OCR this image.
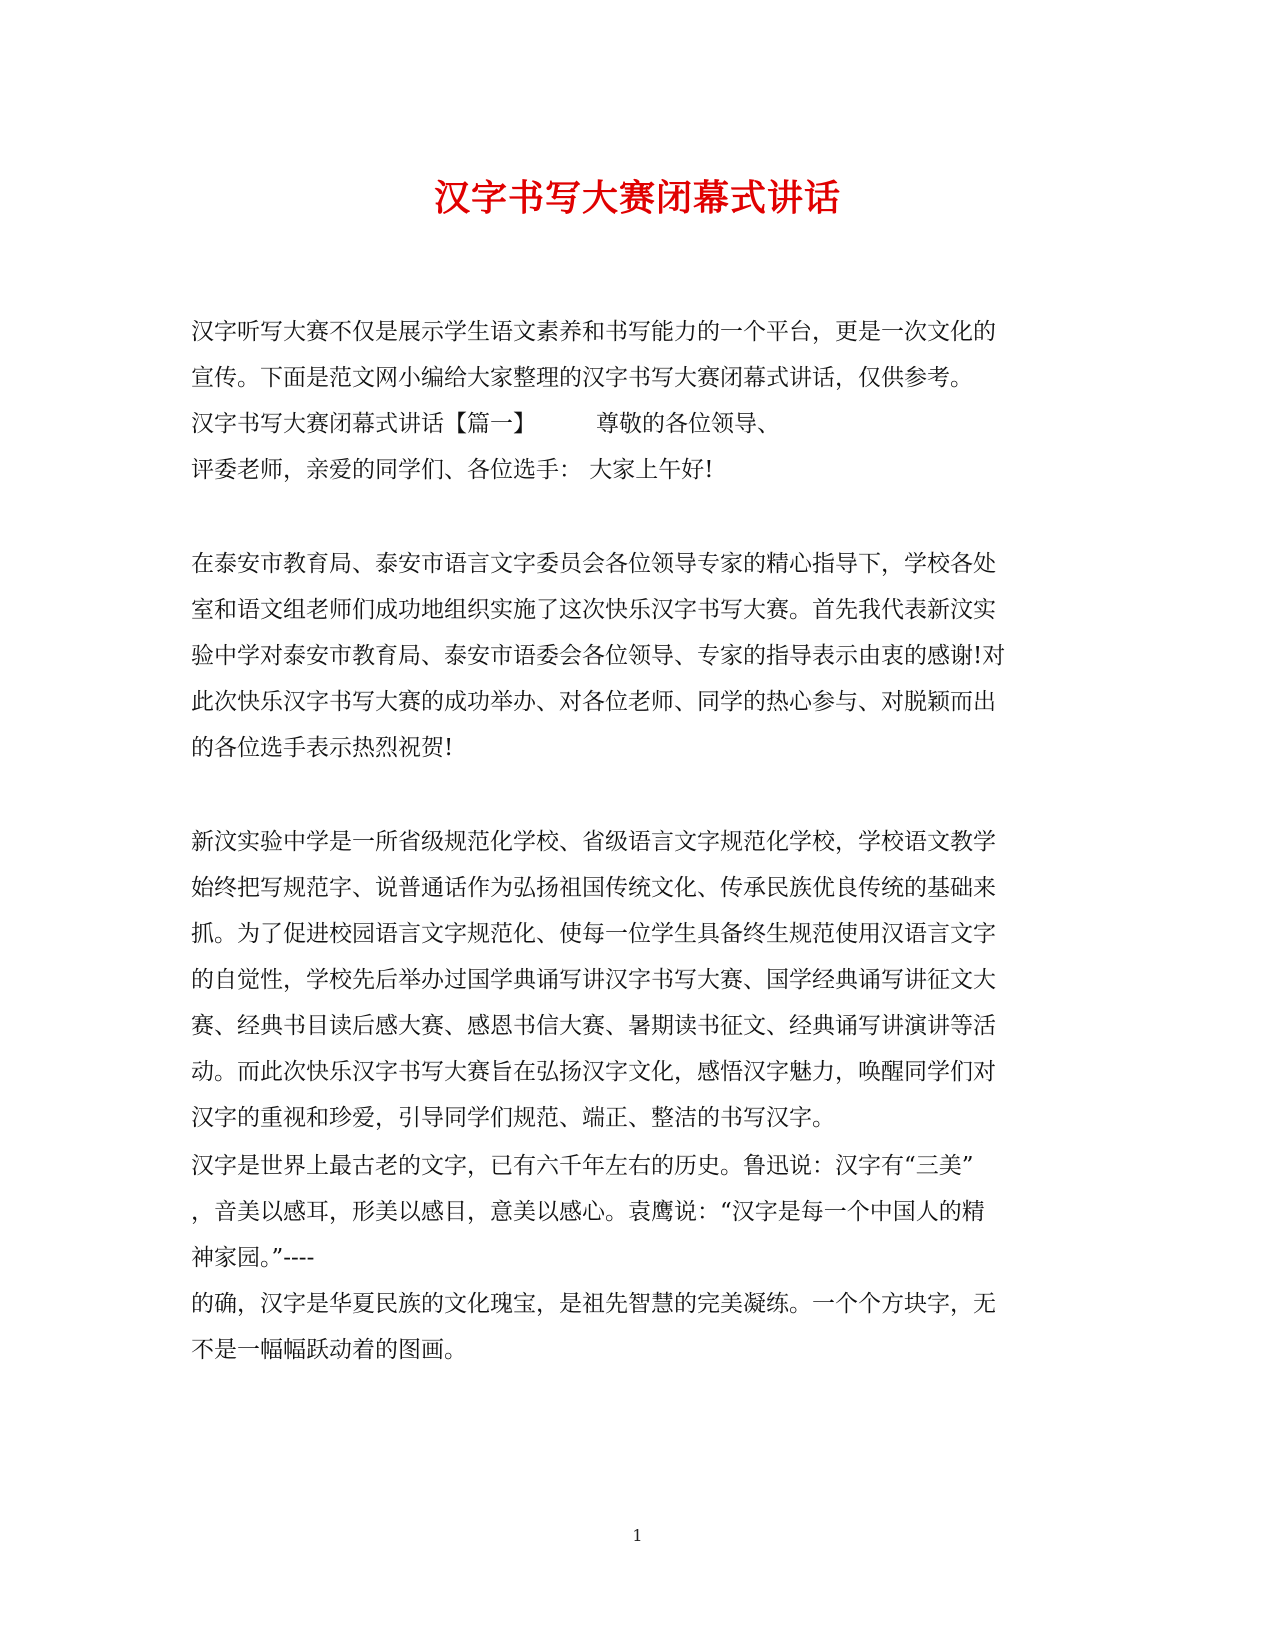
汉字书写大赛闭幕式讲话
汉字听写大赛不仅是展示学生语文素养和书写能力的一个平台，更是一次文化的
宣传。下面是范文网小编给大家整理的汉字书写大赛闭幕式讲话，仅供参考。
汉字书写大赛闭幕式讲话【篇一】	尊敬的各位领导、
评委老师，亲爱的同学们、各位选手： 大家上午好!
在泰安市教育局、泰安市语言文字委员会各位领导专家的精心指导下，学校各处
室和语文组老师们成功地组织实施了这次快乐汉字书写大赛。首先我代表新汶实
验中学对泰安市教育局、泰安市语委会各位领导、专家的指导表示由衷的感谢!对
此次快乐汉字书写大赛的成功举办、对各位老师、同学的热心参与、对脱颖而出
的各位选手表示热烈祝贺!
新汶实验中学是一所省级规范化学校、省级语言文字规范化学校，学校语文教学
始终把写规范字、说普通话作为弘扬祖国传统文化、传承民族优良传统的基础来
抓。为了促进校园语言文字规范化、使每一位学生具备终生规范使用汉语言文字
的自觉性，学校先后举办过国学典诵写讲汉字书写大赛、国学经典诵写讲征文大
赛、经典书目读后感大赛、感恩书信大赛、暑期读书征文、经典诵写讲演讲等活
动。而此次快乐汉字书写大赛旨在弘扬汉字文化，感悟汉字魅力，唤醒同学们对
汉字的重视和珍爱，引导同学们规范、端正、整洁的书写汉字。
汉字是世界上最古老的文字，已有六千年左右的历史。鲁迅说：汉字有“三美”
，音美以感耳，形美以感目，意美以感心。袁鹰说：“汉字是每一个中国人的精
神家园。”----
的确，汉字是华夏民族的文化瑰宝，是祖先智慧的完美凝练。一个个方块字，无
不是一幅幅跃动着的图画。
1
